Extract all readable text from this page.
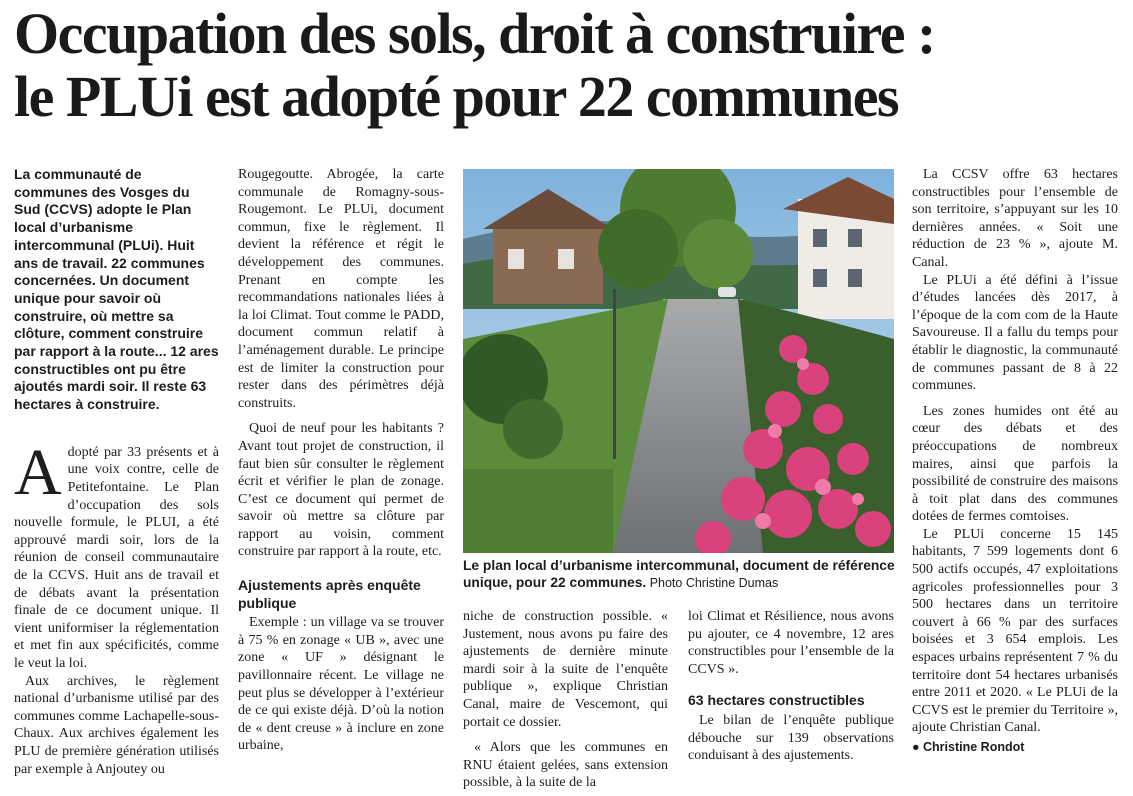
Occupation des sols, droit à construire :
le PLUi est adopté pour 22 communes

La communauté de communes des Vosges du Sud (CCVS) adopte le Plan local d’urbanisme intercommunal (PLUi). Huit ans de travail. 22 communes concernées. Un document unique pour savoir où construire, où mettre sa clôture, comment construire par rapport à la route... 12 ares constructibles ont pu être ajoutés mardi soir. Il reste 63 hectares à construire.

Adopté par 33 présents et à une voix contre, celle de Petitefontaine. Le Plan d’occupation des sols nouvelle formule, le PLUI, a été approuvé mardi soir, lors de la réunion de conseil communautaire de la CCVS. Huit ans de travail et de débats avant la présentation finale de ce document unique. Il vient uniformiser la réglementation et met fin aux spécificités, comme le veut la loi.

Aux archives, le règlement national d’urbanisme utilisé par des communes comme Lachapelle-sous-Chaux. Aux archives également les PLU de première génération utilisés par exemple à Anjoutey ou

Rougegoutte. Abrogée, la carte communale de Romagny-sous-Rougemont. Le PLUi, document commun, fixe le règlement. Il devient la référence et régit le développement des communes. Prenant en compte les recommandations nationales liées à la loi Climat. Tout comme le PADD, document commun relatif à l’aménagement durable. Le principe est de limiter la construction pour rester dans des périmètres déjà construits.

Quoi de neuf pour les habitants ? Avant tout projet de construction, il faut bien sûr consulter le règlement écrit et vérifier le plan de zonage. C’est ce document qui permet de savoir où mettre sa clôture par rapport au voisin, comment construire par rapport à la route, etc.

Ajustements après enquête publique

Exemple : un village va se trouver à 75 % en zonage « UB », avec une zone « UF » désignant le pavillonnaire récent. Le village ne peut plus se développer à l’extérieur de ce qui existe déjà. D’où la notion de « dent creuse » à inclure en zone urbaine,

Le plan local d’urbanisme intercommunal, document de référence unique, pour 22 communes. Photo Christine Dumas

niche de construction possible. « Justement, nous avons pu faire des ajustements de dernière minute mardi soir à la suite de l’enquête publique », explique Christian Canal, maire de Vescemont, qui portait ce dossier.

« Alors que les communes en RNU étaient gelées, sans extension possible, à la suite de la

loi Climat et Résilience, nous avons pu ajouter, ce 4 novembre, 12 ares constructibles pour l’ensemble de la CCVS ».

63 hectares constructibles

Le bilan de l’enquête publique débouche sur 139 observations conduisant à des ajustements.

La CCSV offre 63 hectares constructibles pour l’ensemble de son territoire, s’appuyant sur les 10 dernières années. « Soit une réduction de 23 % », ajoute M. Canal.

Le PLUi a été défini à l’issue d’études lancées dès 2017, à l’époque de la com com de la Haute Savoureuse. Il a fallu du temps pour établir le diagnostic, la communauté de communes passant de 8 à 22 communes.

Les zones humides ont été au cœur des débats et des préoccupations de nombreux maires, ainsi que parfois la possibilité de construire des maisons à toit plat dans des communes dotées de fermes comtoises.

Le PLUi concerne 15 145 habitants, 7 599 logements dont 6 500 actifs occupés, 47 exploitations agricoles professionnelles pour 3 500 hectares dans un territoire couvert à 66 % par des surfaces boisées et 3 654 emplois. Les espaces urbains représentent 7 % du territoire dont 54 hectares urbanisés entre 2011 et 2020. « Le PLUi de la CCVS est le premier du Territoire », ajoute Christian Canal.

● Christine Rondot
